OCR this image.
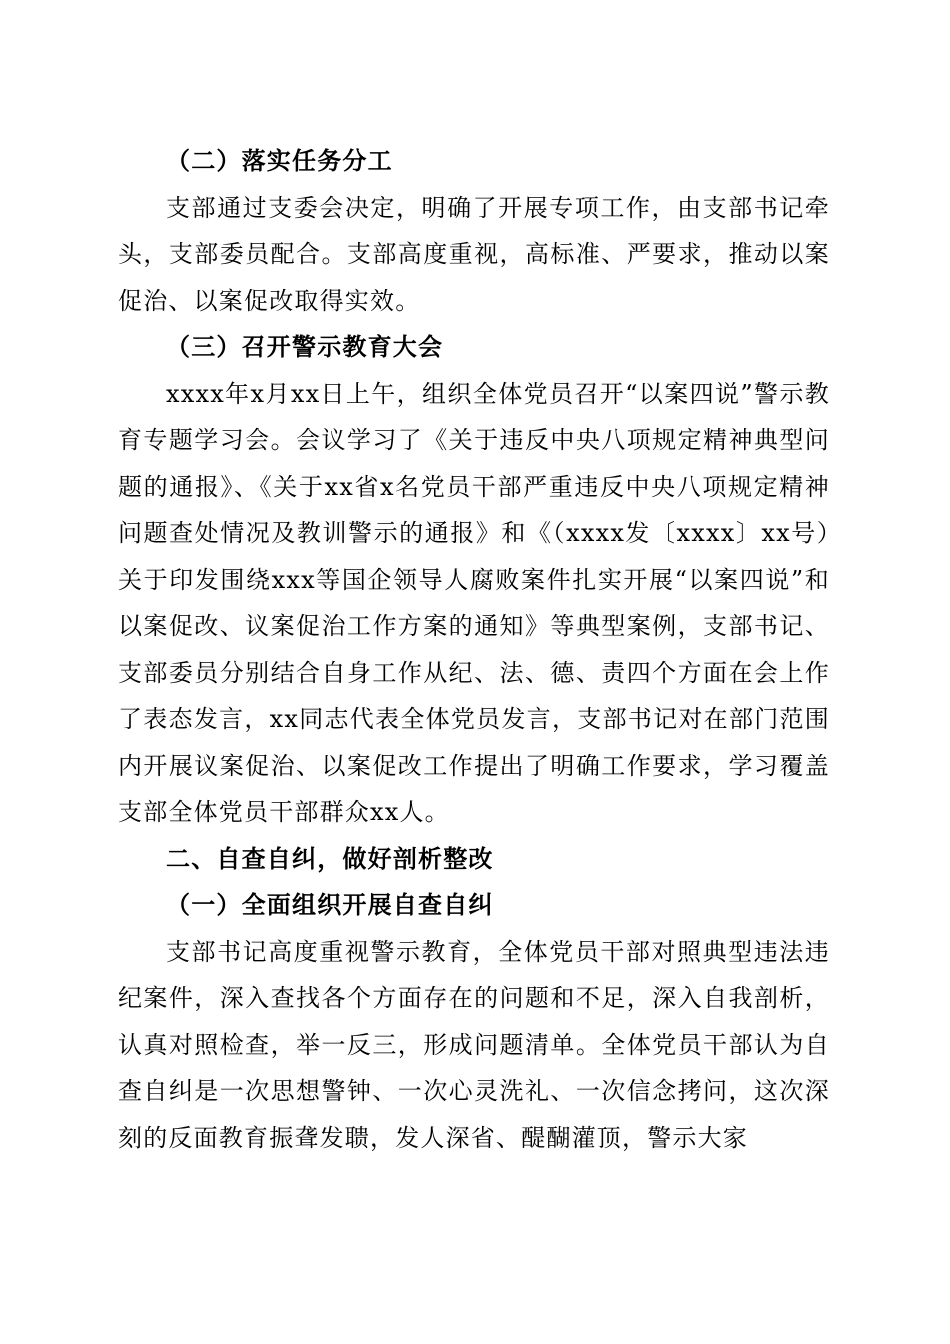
（二）落实任务分工

支部通过支委会决定，明确了开展专项工作，由支部书记牵头，支部委员配合。支部高度重视，高标准、严要求，推动以案促治、以案促改取得实效。

（三）召开警示教育大会

xxxx年x月xx日上午，组织全体党员召开“以案四说”警示教育专题学习会。会议学习了《关于违反中央八项规定精神典型问题的通报》、《关于xx省x名党员干部严重违反中央八项规定精神问题查处情况及教训警示的通报》和《（xxxx发〔xxxx〕xx号）关于印发围绕xxx等国企领导人腐败案件扎实开展“以案四说”和以案促改、议案促治工作方案的通知》等典型案例，支部书记、支部委员分别结合自身工作从纪、法、德、责四个方面在会上作了表态发言，xx同志代表全体党员发言，支部书记对在部门范围内开展议案促治、以案促改工作提出了明确工作要求，学习覆盖支部全体党员干部群众xx人。

二、自查自纠，做好剖析整改
（一）全面组织开展自查自纠

支部书记高度重视警示教育，全体党员干部对照典型违法违纪案件，深入查找各个方面存在的问题和不足，深入自我剖析，认真对照检查，举一反三，形成问题清单。全体党员干部认为自查自纠是一次思想警钟、一次心灵洗礼、一次信念拷问，这次深刻的反面教育振聋发聩，发人深省、醍醐灌顶，警示大家
